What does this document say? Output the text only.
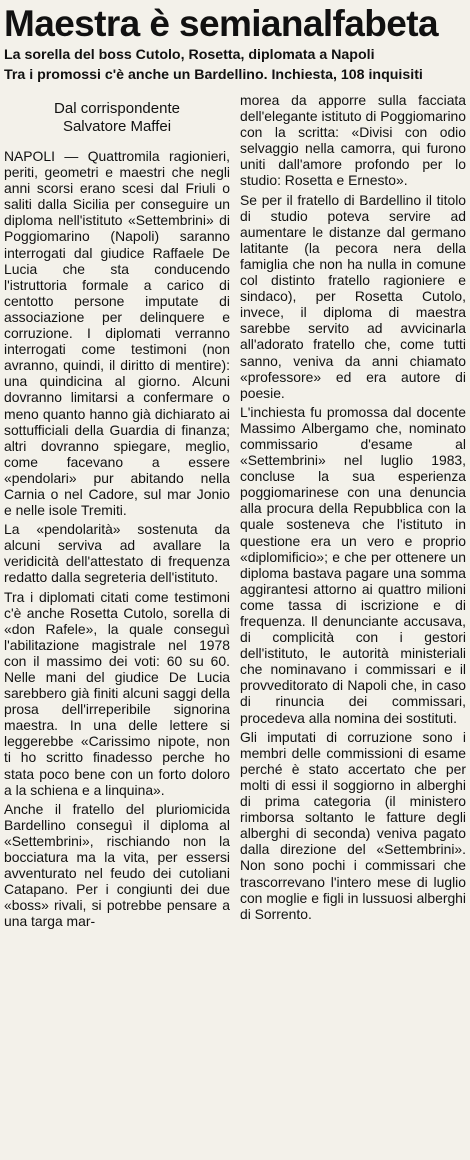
Maestra è semianalfabeta
La sorella del boss Cutolo, Rosetta, diplomata a Napoli
Tra i promossi c'è anche un Bardellino. Inchiesta, 108 inquisiti
Dal corrispondente
Salvatore Maffei

NAPOLI — Quattromila ragionieri, periti, geometri e maestri che negli anni scorsi erano scesi dal Friuli o saliti dalla Sicilia per conseguire un diploma nell'istituto «Settembrini» di Poggiomarino (Napoli) saranno interrogati dal giudice Raffaele De Lucia che sta conducendo l'istruttoria formale a carico di centotto persone imputate di associazione per delinquere e corruzione. I diplomati verranno interrogati come testimoni (non avranno, quindi, il diritto di mentire): una quindicina al giorno. Alcuni dovranno limitarsi a confermare o meno quanto hanno già dichiarato ai sottufficiali della Guardia di finanza; altri dovranno spiegare, meglio, come facevano a essere «pendolari» pur abitando nella Carnia o nel Cadore, sul mar Jonio e nelle isole Tremiti.

La «pendolarità» sostenuta da alcuni serviva ad avallare la veridicità dell'attestato di frequenza redatto dalla segreteria dell'istituto.

Tra i diplomati citati come testimoni c'è anche Rosetta Cutolo, sorella di «don Rafele», la quale conseguì l'abilitazione magistrale nel 1978 con il massimo dei voti: 60 su 60. Nelle mani del giudice De Lucia sarebbero già finiti alcuni saggi della prosa dell'irreperibile signorina maestra. In una delle lettere si leggerebbe «Carissimo nipote, non ti ho scritto finadesso perche ho stata poco bene con un forto doloro a la schiena e a linquina».

Anche il fratello del pluriomicida Bardellino conseguì il diploma al «Settembrini», rischiando non la bocciatura ma la vita, per essersi avventurato nel feudo dei cutoliani Catapano. Per i congiunti dei due «boss» rivali, si potrebbe pensare a una targa mar-

morea da apporre sulla facciata dell'elegante istituto di Poggiomarino con la scritta: «Divisi con odio selvaggio nella camorra, qui furono uniti dall'amore profondo per lo studio: Rosetta e Ernesto».

Se per il fratello di Bardellino il titolo di studio poteva servire ad aumentare le distanze dal germano latitante (la pecora nera della famiglia che non ha nulla in comune col distinto fratello ragioniere e sindaco), per Rosetta Cutolo, invece, il diploma di maestra sarebbe servito ad avvicinarla all'adorato fratello che, come tutti sanno, veniva da anni chiamato «professore» ed era autore di poesie.

L'inchiesta fu promossa dal docente Massimo Albergamo che, nominato commissario d'esame al «Settembrini» nel luglio 1983, concluse la sua esperienza poggiomarinese con una denuncia alla procura della Repubblica con la quale sosteneva che l'istituto in questione era un vero e proprio «diplomificio»; e che per ottenere un diploma bastava pagare una somma aggirantesi attorno ai quattro milioni come tassa di iscrizione e di frequenza. Il denunciante accusava, di complicità con i gestori dell'istituto, le autorità ministeriali che nominavano i commissari e il provveditorato di Napoli che, in caso di rinuncia dei commissari, procedeva alla nomina dei sostituti.

Gli imputati di corruzione sono i membri delle commissioni di esame perché è stato accertato che per molti di essi il soggiorno in alberghi di prima categoria (il ministero rimborsa soltanto le fatture degli alberghi di seconda) veniva pagato dalla direzione del «Settembrini». Non sono pochi i commissari che trascorrevano l'intero mese di luglio con moglie e figli in lussuosi alberghi di Sorrento.
